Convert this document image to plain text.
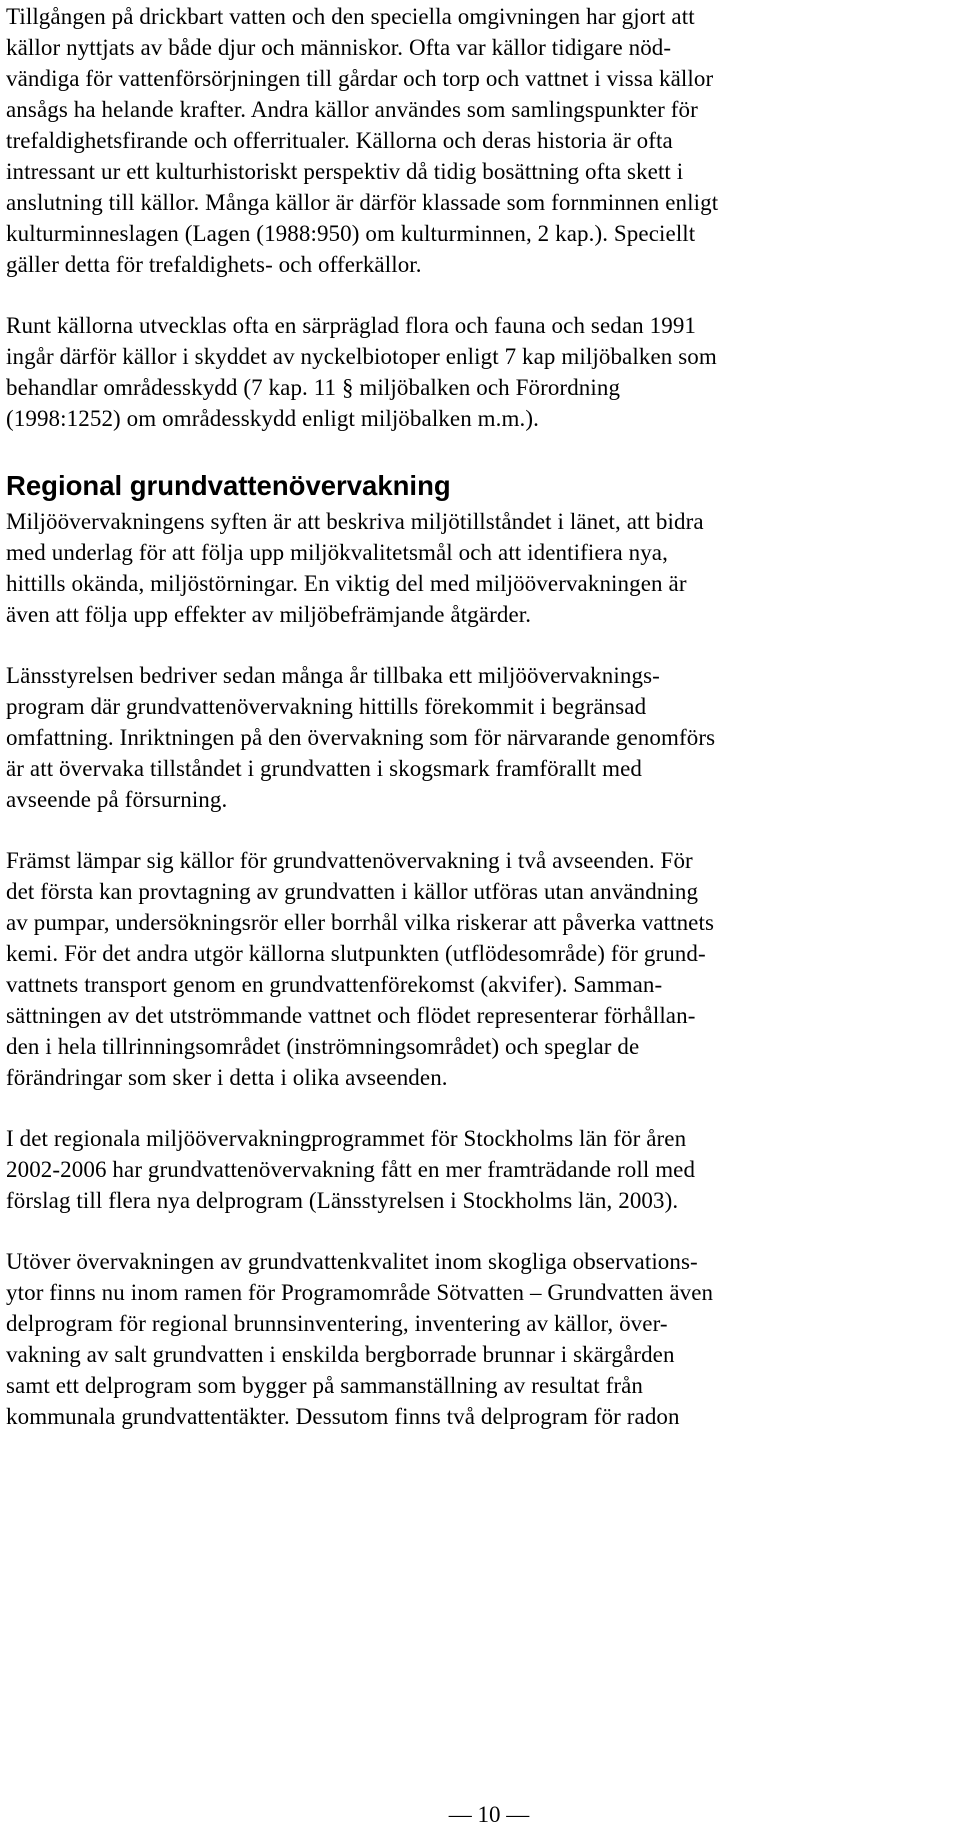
Tillgången på drickbart vatten och den speciella omgivningen har gjort att
källor nyttjats av både djur och människor. Ofta var källor tidigare nöd-
vändiga för vattenförsörjningen till gårdar och torp och vattnet i vissa källor
ansågs ha helande krafter. Andra källor användes som samlingspunkter för
trefaldighetsfirande och offerritualer. Källorna och deras historia är ofta
intressant ur ett kulturhistoriskt perspektiv då tidig bosättning ofta skett i
anslutning till källor. Många källor är därför klassade som fornminnen enligt
kulturminneslagen (Lagen (1988:950) om kulturminnen, 2 kap.). Speciellt
gäller detta för trefaldighets- och offerkällor.
Runt källorna utvecklas ofta en särpräglad flora och fauna och sedan 1991
ingår därför källor i skyddet av nyckelbiotoper enligt 7 kap miljöbalken som
behandlar områdesskydd (7 kap. 11 § miljöbalken och Förordning
(1998:1252) om områdesskydd enligt miljöbalken m.m.).
Regional grundvattenövervakning
Miljöövervakningens syften är att beskriva miljötillståndet i länet, att bidra
med underlag för att följa upp miljökvalitetsmål och att identifiera nya,
hittills okända, miljöstörningar. En viktig del med miljöövervakningen är
även att följa upp effekter av miljöbefrämjande åtgärder.
Länsstyrelsen bedriver sedan många år tillbaka ett miljöövervaknings-
program där grundvattenövervakning hittills förekommit i begränsad
omfattning. Inriktningen på den övervakning som för närvarande genomförs
är att övervaka tillståndet i grundvatten i skogsmark framförallt med
avseende på försurning.
Främst lämpar sig källor för grundvattenövervakning i två avseenden. För
det första kan provtagning av grundvatten i källor utföras utan användning
av pumpar, undersökningsrör eller borrhål vilka riskerar att påverka vattnets
kemi. För det andra utgör källorna slutpunkten (utflödesområde) för grund-
vattnets transport genom en grundvattenförekomst (akvifer). Samman-
sättningen av det utströmmande vattnet och flödet representerar förhållan-
den i hela tillrinningsområdet (inströmningsområdet) och speglar de
förändringar som sker i detta i olika avseenden.
I det regionala miljöövervakningprogrammet för Stockholms län för åren
2002-2006 har grundvattenövervakning fått en mer framträdande roll med
förslag till flera nya delprogram (Länsstyrelsen i Stockholms län, 2003).
Utöver övervakningen av grundvattenkvalitet inom skogliga observations-
ytor finns nu inom ramen för Programområde Sötvatten – Grundvatten även
delprogram för regional brunnsinventering, inventering av källor, över-
vakning av salt grundvatten i enskilda bergborrade brunnar i skärgården
samt ett delprogram som bygger på sammanställning av resultat från
kommunala grundvattentäkter. Dessutom finns två delprogram för radon
— 10 —
